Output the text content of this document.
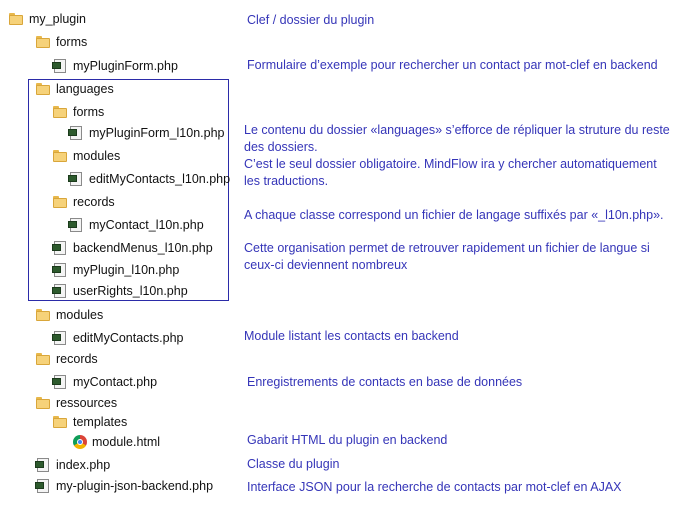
my_plugin
forms
myPluginForm.php
languages
forms
myPluginForm_l10n.php
modules
editMyContacts_l10n.php
records
myContact_l10n.php
backendMenus_l10n.php
myPlugin_l10n.php
userRights_l10n.php
modules
editMyContacts.php
records
myContact.php
ressources
templates
module.html
index.php
my-plugin-json-backend.php
Clef / dossier du plugin
Formulaire d’exemple pour rechercher un contact par mot-clef en backend
Le contenu du dossier «languages» s’efforce de répliquer la struture du reste
des dossiers.
C’est le seul dossier obligatoire. MindFlow ira y chercher automatiquement
les traductions.
A chaque classe correspond un fichier de langage suffixés par «_l10n.php».
Cette organisation permet de retrouver rapidement un fichier de langue si
ceux-ci deviennent nombreux
Module listant les contacts en backend
Enregistrements de contacts en base de données
Gabarit HTML du plugin en backend
Classe du plugin
Interface JSON pour la recherche de contacts par mot-clef en AJAX
